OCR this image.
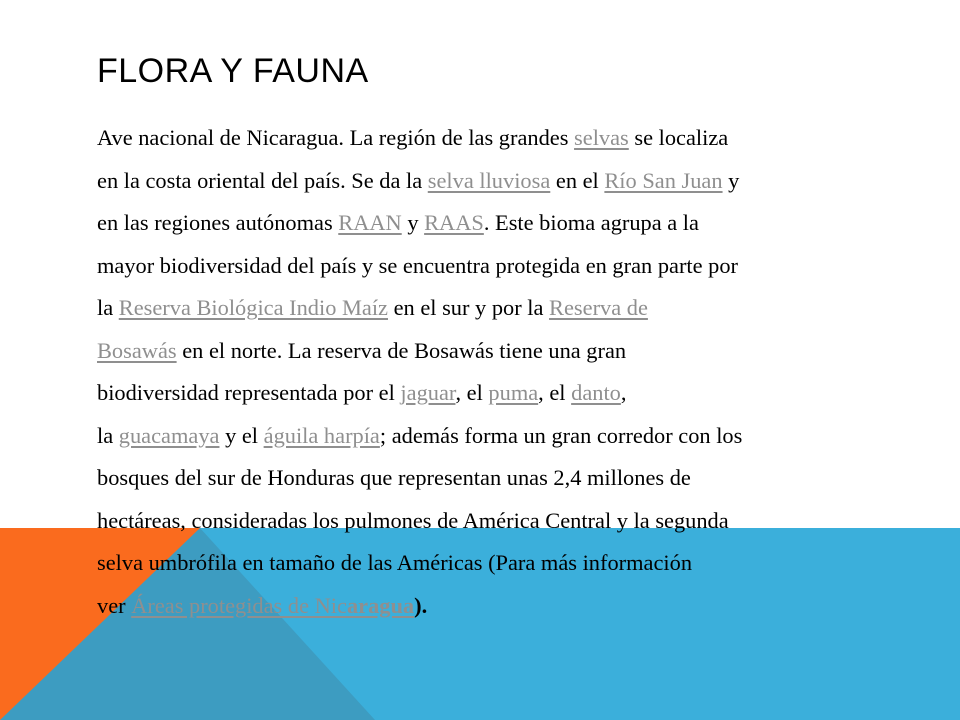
FLORA Y FAUNA
Ave nacional de Nicaragua. La región de las grandes selvas se localiza
en la costa oriental del país. Se da la selva lluviosa en el Río San Juan y
en las regiones autónomas RAAN y RAAS. Este bioma agrupa a la
mayor biodiversidad del país y se encuentra protegida en gran parte por
la Reserva Biológica Indio Maíz en el sur y por la Reserva de
Bosawás en el norte. La reserva de Bosawás tiene una gran
biodiversidad representada por el jaguar, el puma, el danto,
la guacamaya y el águila harpía; además forma un gran corredor con los
bosques del sur de Honduras que representan unas 2,4 millones de
hectáreas, consideradas los pulmones de América Central y la segunda
selva umbrófila en tamaño de las Américas (Para más información
ver Áreas protegidas de Nicaragua).
